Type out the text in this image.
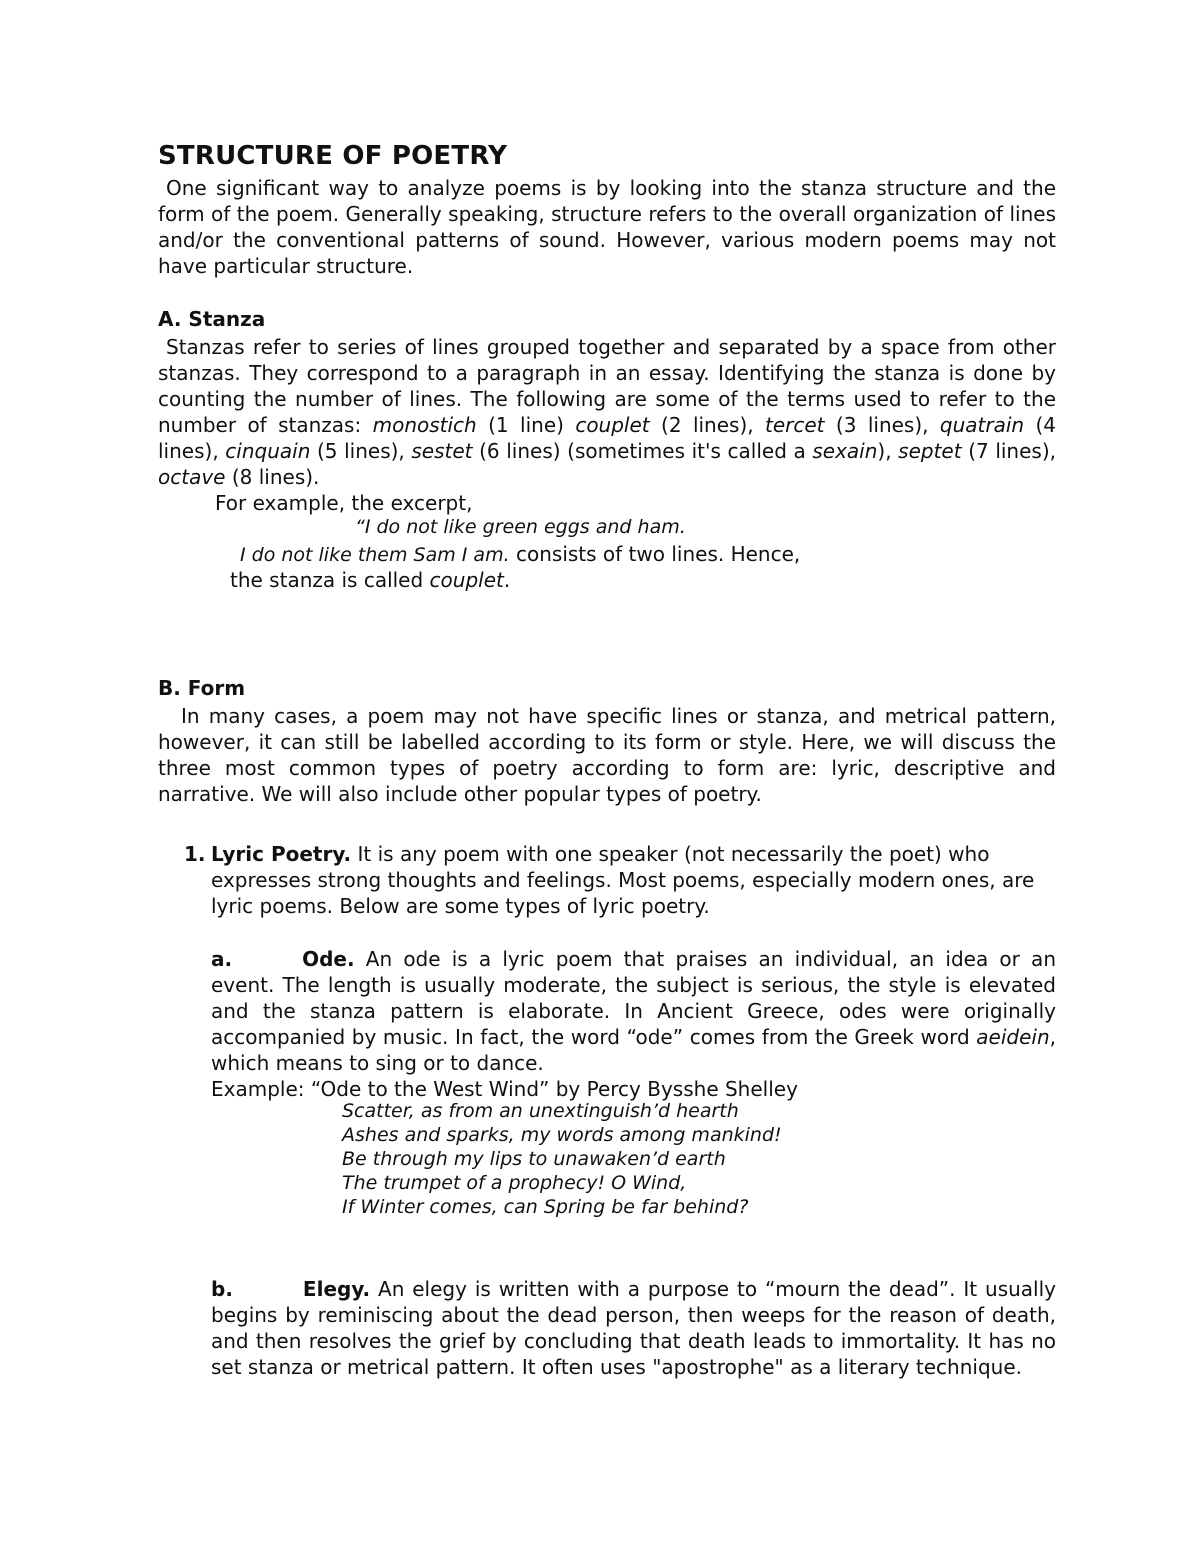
STRUCTURE OF POETRY
One significant way to analyze poems is by looking into the stanza structure and the form of the poem. Generally speaking, structure refers to the overall organization of lines and/or the conventional patterns of sound. However, various modern poems may not have particular structure.
A. Stanza
Stanzas refer to series of lines grouped together and separated by a space from other stanzas. They correspond to a paragraph in an essay. Identifying the stanza is done by counting the number of lines. The following are some of the terms used to refer to the number of stanzas: monostich (1 line) couplet (2 lines), tercet (3 lines), quatrain (4 lines), cinquain (5 lines), sestet (6 lines) (sometimes it's called a sexain), septet (7 lines), octave (8 lines).
For example, the excerpt,
“I do not like green eggs and ham.
I do not like them Sam I am. consists of two lines. Hence,
the stanza is called couplet.
B. Form
In many cases, a poem may not have specific lines or stanza, and metrical pattern, however, it can still be labelled according to its form or style. Here, we will discuss the three most common types of poetry according to form are: lyric, descriptive and narrative. We will also include other popular types of poetry.
1. Lyric Poetry. It is any poem with one speaker (not necessarily the poet) who expresses strong thoughts and feelings. Most poems, especially modern ones, are lyric poems. Below are some types of lyric poetry.
a.	Ode. An ode is a lyric poem that praises an individual, an idea or an event. The length is usually moderate, the subject is serious, the style is elevated and the stanza pattern is elaborate. In Ancient Greece, odes were originally accompanied by music. In fact, the word “ode” comes from the Greek word aeidein, which means to sing or to dance.
Example: “Ode to the West Wind” by Percy Bysshe Shelley
Scatter, as from an unextinguish’d hearth
Ashes and sparks, my words among mankind!
Be through my lips to unawaken’d earth
The trumpet of a prophecy! O Wind,
If Winter comes, can Spring be far behind?
b.	Elegy. An elegy is written with a purpose to “mourn the dead”. It usually begins by reminiscing about the dead person, then weeps for the reason of death, and then resolves the grief by concluding that death leads to immortality. It has no set stanza or metrical pattern. It often uses "apostrophe" as a literary technique.
